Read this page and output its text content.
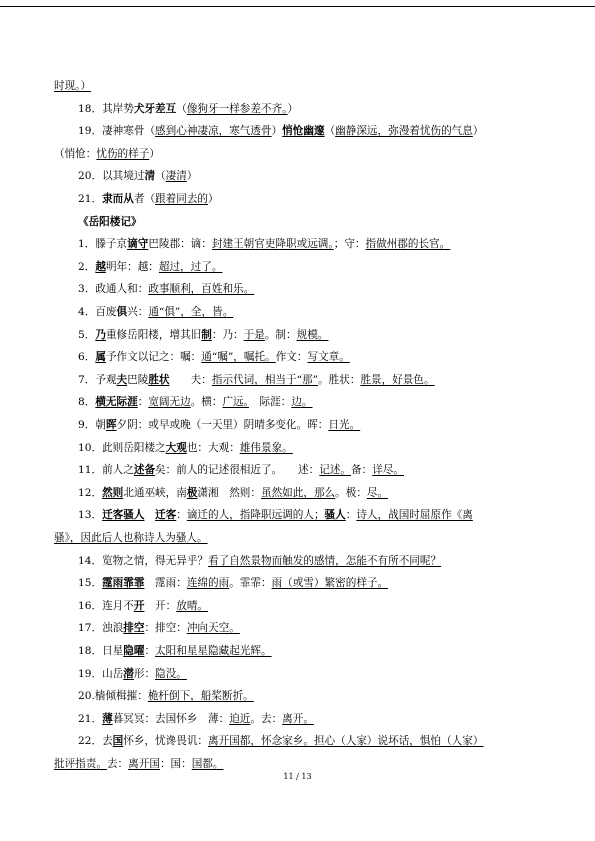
时现。）
18．其岸势犬牙差互（像狗牙一样参差不齐。）
19．凄神寒骨（感到心神凄凉，寒气透骨）悄怆幽邃（幽静深远，弥漫着忧伤的气息）
（悄怆：忧伤的样子）
20．以其境过清（凄清）
21．隶而从者（跟着同去的）
《岳阳楼记》
1．滕子京谪守巴陵郡：谪：封建王朝官吏降职或远调。；守：指做州郡的长官。
2．越明年：越：超过，过了。
3．政通人和：政事顺利，百姓和乐。
4．百废俱兴：通“俱”，全，皆。
5．乃重修岳阳楼，增其旧制：乃：于是。制：规模。
6．属予作文以记之：嘱：通“嘱”，嘱托。作文：写文章。
7．予观夫巴陵胜状　　夫：指示代词，相当于“那”。胜状：胜景，好景色。
8．横无际涯：宽阔无边。横：广远。　际涯：边。
9．朝晖夕阴：或早或晚（一天里）阴晴多变化。晖：日光。
10．此则岳阳楼之大观也：大观：雄伟景象。
11．前人之述备矣：前人的记述很相近了。　　述：记述。备：详尽。
12．然则北通巫峡，南极潇湘　然则：虽然如此，那么。极：尽。
13．迁客骚人　 迁客：谪迁的人，指降职远调的人；骚人：诗人，战国时屈原作《离
骚》，因此后人也称诗人为骚人。
14．览物之情，得无异乎？看了自然景物而触发的感情，怎能不有所不同呢？
15．霪雨霏霏　霪雨：连绵的雨。霏霏：雨（或雪）繁密的样子。
16．连月不开　开：放晴。
17．浊浪排空：排空：冲向天空。
18．日星隐曜：太阳和星星隐藏起光辉。
19．山岳潜形：隐没。
20.樯倾楫摧：桅杆倒下，船桨断折。
21．薄暮冥冥：去国怀乡　薄：迫近。去：离开。
22．去国怀乡，忧谗畏讥：离开国都，怀念家乡。担心（人家）说坏话，惧怕（人家）
批评指责。去：离开国：国：国都。
11 / 13
